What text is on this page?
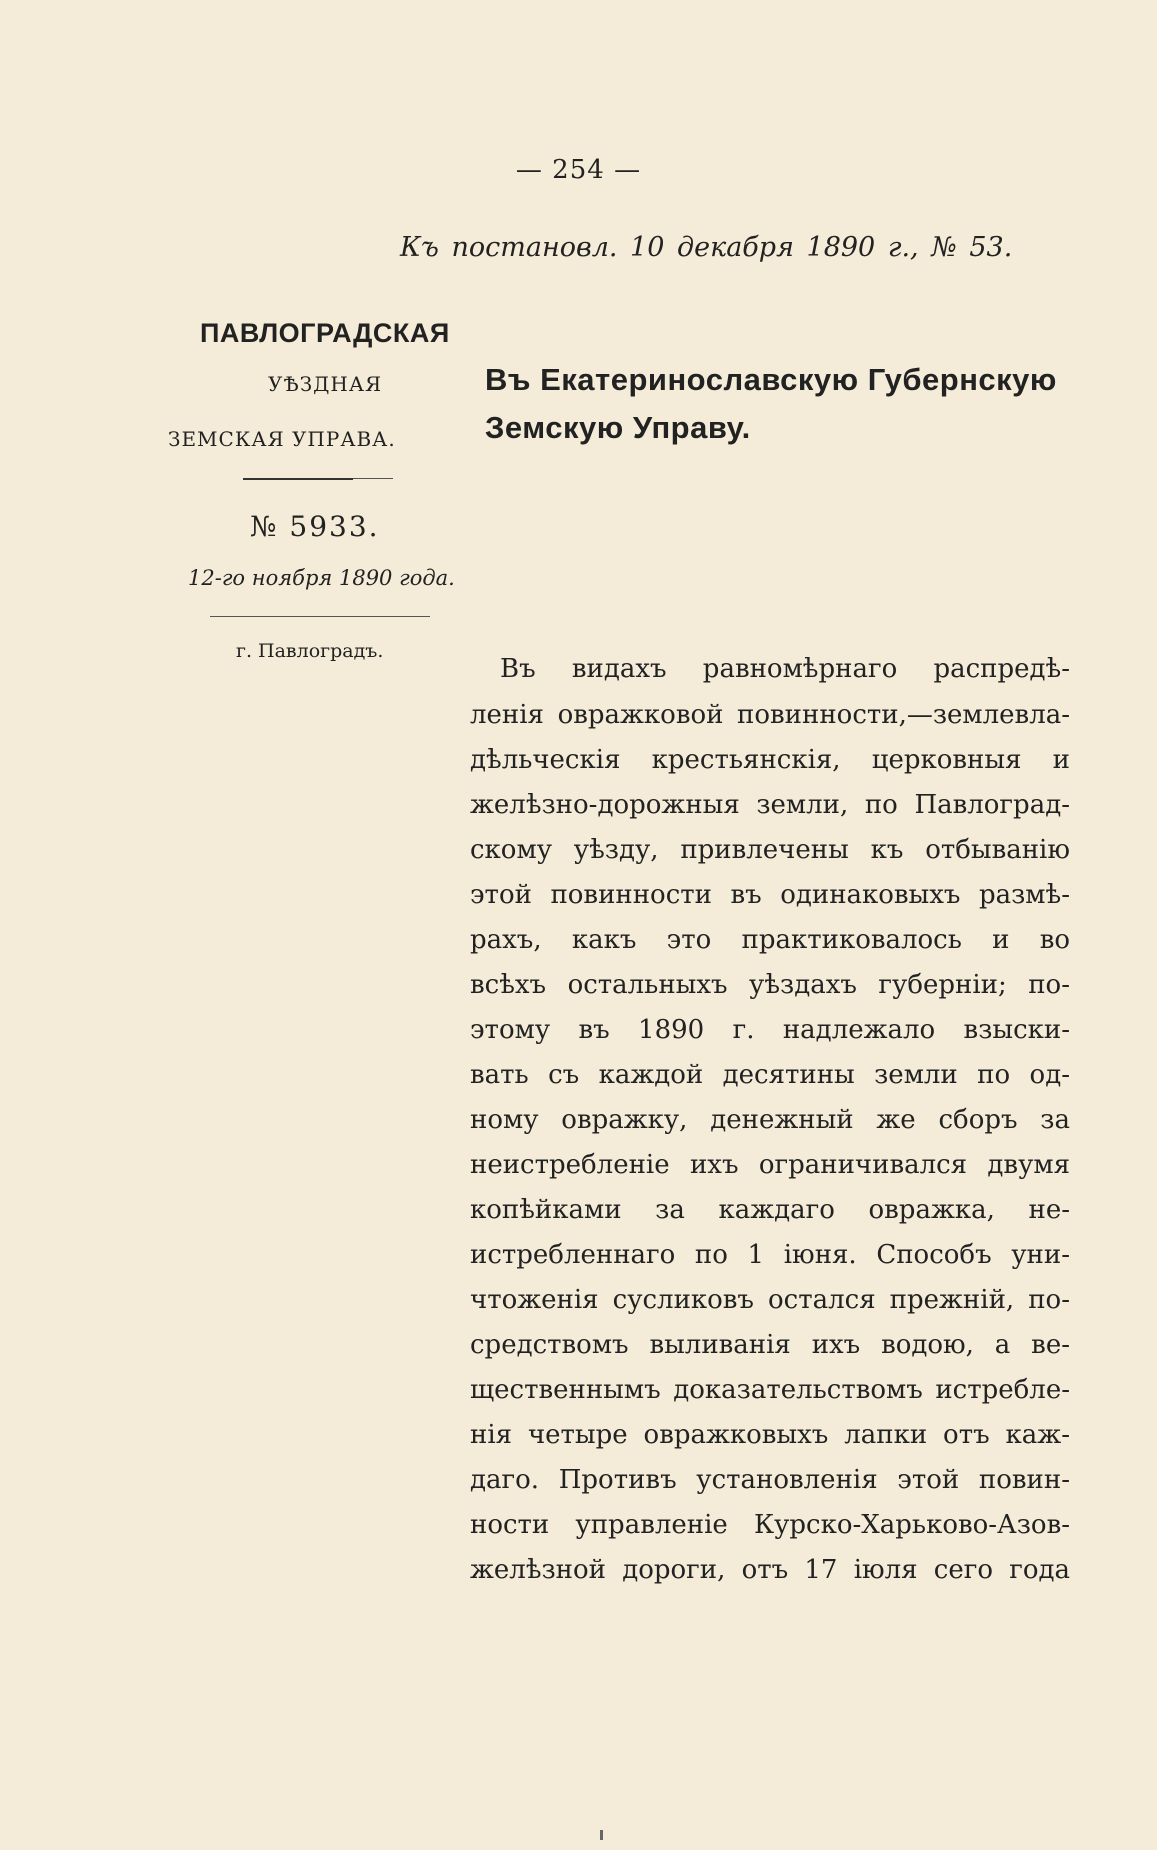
— 254 —
Къ постановл. 10 декабря 1890 г., № 53.
ПАВЛОГРАДСКАЯ
УѢЗДНАЯ
ЗЕМСКАЯ УПРАВА.
№ 5933.
12-го ноября 1890 года.
г. Павлоградъ.
Въ Екатеринославскую Губернскую
Земскую Управу.
Въ видахъ равномѣрнаго распредѣ-
ленія овражковой повинности,—землевла-
дѣльческія крестьянскія, церковныя и
желѣзно-дорожныя земли, по Павлоград-
скому уѣзду, привлечены къ отбыванію
этой повинности въ одинаковыхъ размѣ-
рахъ, какъ это практиковалось и во
всѣхъ остальныхъ уѣздахъ губерніи; по-
этому въ 1890 г. надлежало взыски-
вать съ каждой десятины земли по од-
ному овражку, денежный же сборъ за
неистребленіе ихъ ограничивался двумя
копѣйками за каждаго овражка, не-
истребленнаго по 1 іюня. Способъ уни-
чтоженія сусликовъ остался прежній, по-
средствомъ выливанія ихъ водою, а ве-
щественнымъ доказательствомъ истребле-
нія четыре овражковыхъ лапки отъ каж-
даго. Противъ установленія этой повин-
ности управленіе Курско-Харьково-Азов-
желѣзной дороги, отъ 17 іюля сего года
